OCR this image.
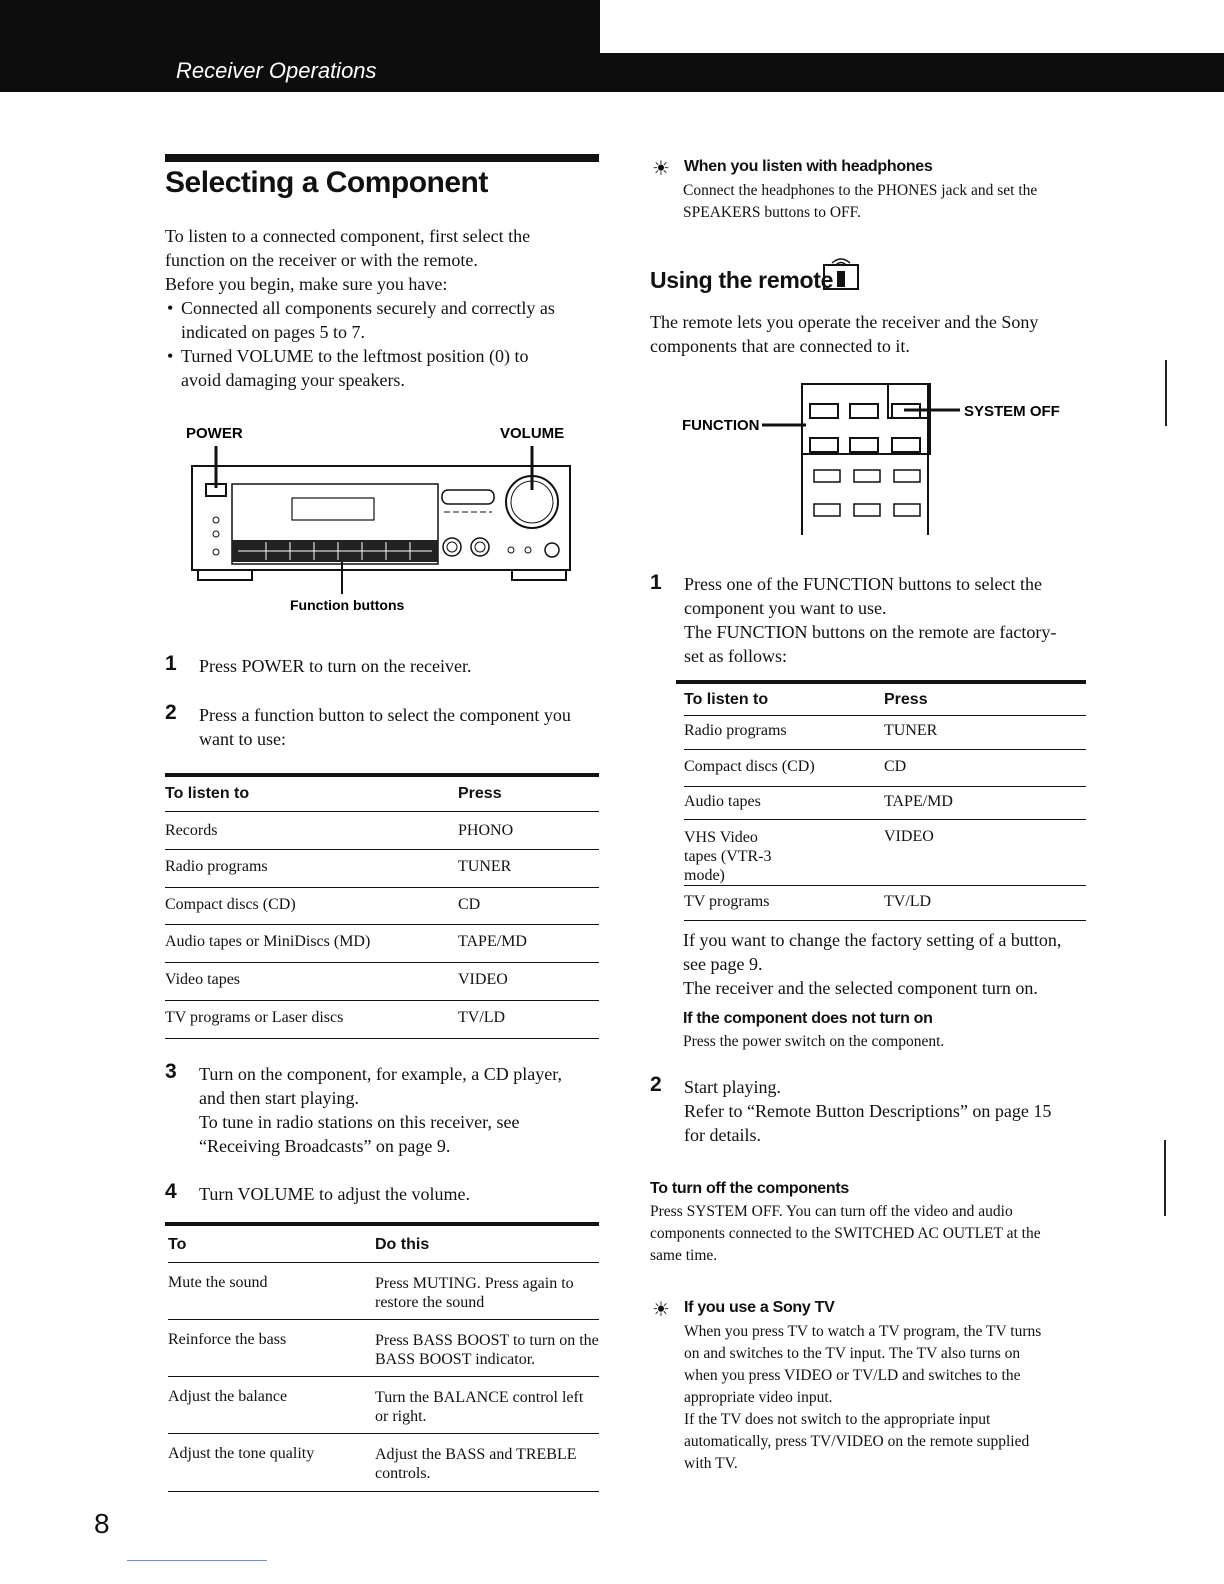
Receiver Operations
Selecting a Component
To listen to a connected component, first select the
function on the receiver or with the remote.
Before you begin, make sure you have:
• Connected all components securely and correctly as
indicated on pages 5 to 7.
• Turned VOLUME to the leftmost position (0) to
avoid damaging your speakers.
POWER	VOLUME
Function buttons
1 Press POWER to turn on the receiver.
2 Press a function button to select the component you
want to use:
To listen to	Press
Records	PHONO
Radio programs	TUNER
Compact discs (CD)	CD
Audio tapes or MiniDiscs (MD)	TAPE/MD
Video tapes	VIDEO
TV programs or Laser discs	TV/LD
3 Turn on the component, for example, a CD player,
and then start playing.
To tune in radio stations on this receiver, see
“Receiving Broadcasts” on page 9.
4 Turn VOLUME to adjust the volume.
To	Do this
Mute the sound	Press MUTING. Press again to restore the sound
Reinforce the bass	Press BASS BOOST to turn on the BASS BOOST indicator.
Adjust the balance	Turn the BALANCE control left or right.
Adjust the tone quality	Adjust the BASS and TREBLE controls.
8
☀ When you listen with headphones
Connect the headphones to the PHONES jack and set the
SPEAKERS buttons to OFF.
Using the remote
The remote lets you operate the receiver and the Sony
components that are connected to it.
FUNCTION
SYSTEM OFF
1 Press one of the FUNCTION buttons to select the
component you want to use.
The FUNCTION buttons on the remote are factory-
set as follows:
To listen to	Press
Radio programs	TUNER
Compact discs (CD)	CD
Audio tapes	TAPE/MD
VHS Video tapes (VTR-3 mode)	VIDEO
TV programs	TV/LD
If you want to change the factory setting of a button,
see page 9.
The receiver and the selected component turn on.
If the component does not turn on
Press the power switch on the component.
2 Start playing.
Refer to “Remote Button Descriptions” on page 15
for details.
To turn off the components
Press SYSTEM OFF. You can turn off the video and audio
components connected to the SWITCHED AC OUTLET at the
same time.
☀ If you use a Sony TV
When you press TV to watch a TV program, the TV turns
on and switches to the TV input. The TV also turns on
when you press VIDEO or TV/LD and switches to the
appropriate video input.
If the TV does not switch to the appropriate input
automatically, press TV/VIDEO on the remote supplied
with TV.
